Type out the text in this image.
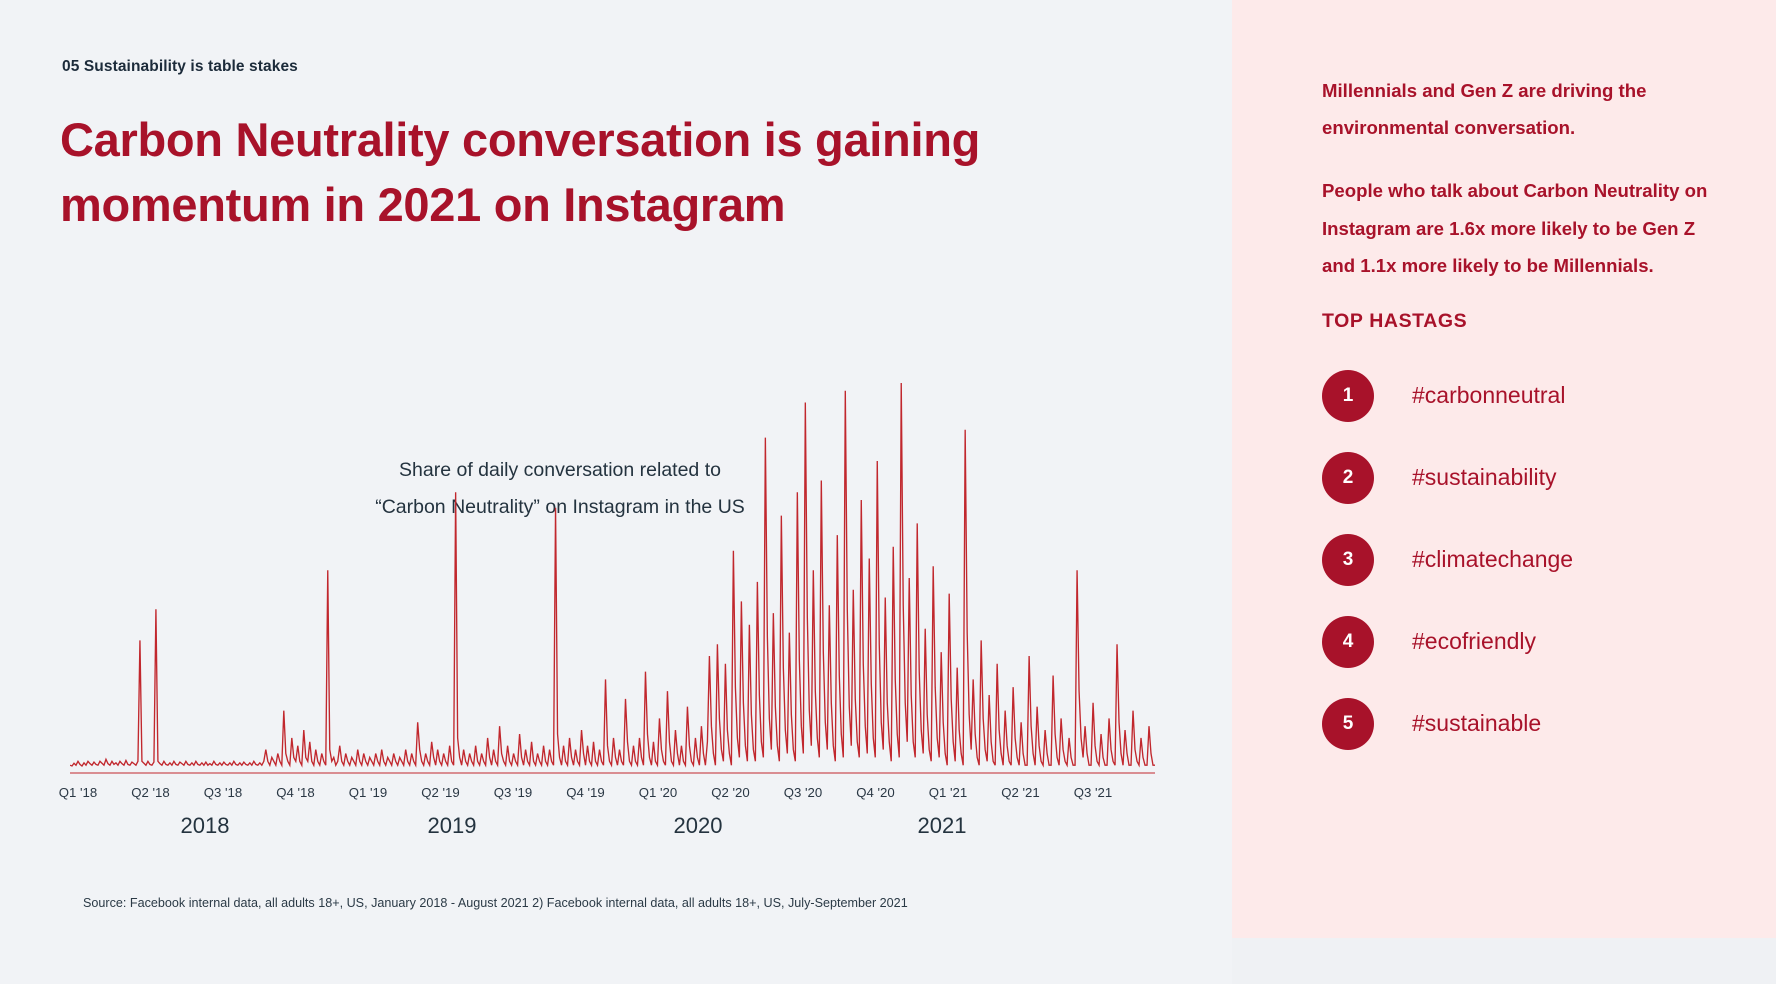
05 Sustainability is table stakes
Carbon Neutrality conversation is gaining momentum in 2021 on Instagram
Share of daily conversation related to
“Carbon Neutrality” on Instagram in the US
Q1 '18	Q2 '18	Q3 '18	Q4 '18	Q1 '19	Q2 '19	Q3 '19	Q4 '19	Q1 '20	Q2 '20	Q3 '20	Q4 '20	Q1 '21	Q2 '21	Q3 '21
2018	2019	2020	2021
Source: Facebook internal data, all adults 18+, US, January 2018 - August 2021 2) Facebook internal data, all adults 18+, US, July-September 2021

Millennials and Gen Z are driving the environmental conversation.

People who talk about Carbon Neutrality on Instagram are 1.6x more likely to be Gen Z and 1.1x more likely to be Millennials.

TOP HASTAGS
1	#carbonneutral
2	#sustainability
3	#climatechange
4	#ecofriendly
5	#sustainable
